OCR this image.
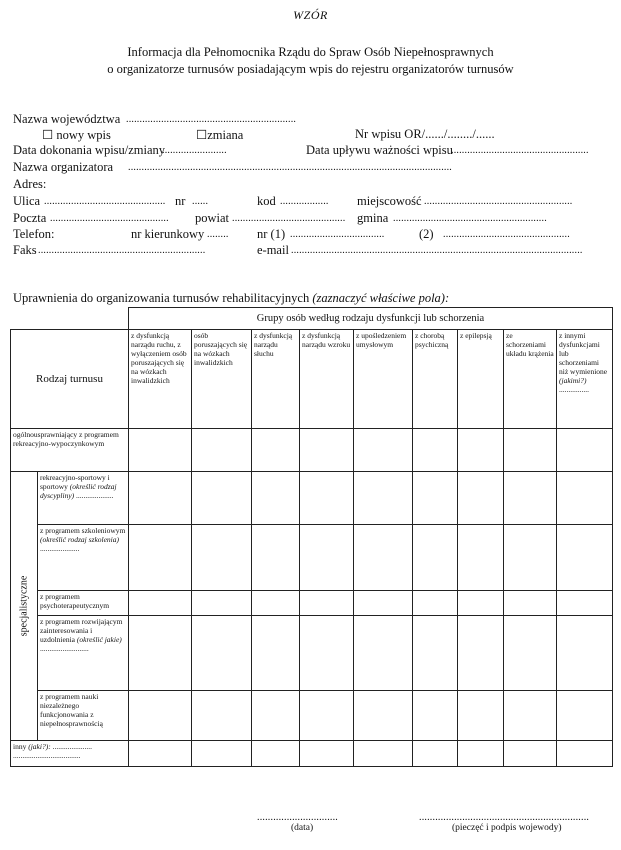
WZÓR
Informacja dla Pełnomocnika Rządu do Spraw Osób Niepełnosprawnych
o organizatorze turnusów posiadającym wpis do rejestru organizatorów turnusów
Nazwa województwa ...............................................................
☐ nowy wpis	☐zmiana	Nr wpisu OR/....../......../......
Data dokonania wpisu/zmiany
........................	Data upływu ważności wpisu
...................................................
Nazwa organizatora ........................................................................................................................
Adres:
Ulica ............................................. nr ......	kod .................. miejscowość .......................................................
Poczta ............................................ powiat .......................................... gmina .........................................................
Telefon:	nr kierunkowy ........ nr (1) ...................................	(2) ...............................................
Faks ..............................................................	e-mail ............................................................................................................
Uprawnienia do organizowania turnusów rehabilitacyjnych (zaznaczyć właściwe pola):
		Grupy osób według rodzaju dysfunkcji lub schorzenia								
Rodzaj turnusu		z dysfunkcją narządu ruchu, z wyłączeniem osób poruszających się na wózkach inwalidzkich	osób poruszających się na wózkach inwalidzkich	z dysfunkcją narządu słuchu	z dysfunkcją narządu wzroku	z upośledzeniem umysłowym	z chorobą psychiczną	z epilepsją	ze schorzeniami układu krążenia	z innymi dysfunkcjami lub schorzeniami niż wymienione (jakimi?)
................
ogólnousprawniający z programem rekreacyjno-wypoczynkowym										

specjalistyczne	rekreacyjno-sportowy i sportowy (określić rodzaj dyscypliny) ....................									
	z programem szkoleniowym (określić rodzaj szkolenia)
.....................									
	z programem psychoterapeutycznym									
	z programem rozwijającym zainteresowania i uzdolnienia (określić jakie)
..........................									
	z programem nauki niezależnego funkcjonowania z niepełnosprawnością									
inny (jaki?): .....................
....................................										
..............................
(data)
...............................................................
(pieczęć i podpis wojewody)
